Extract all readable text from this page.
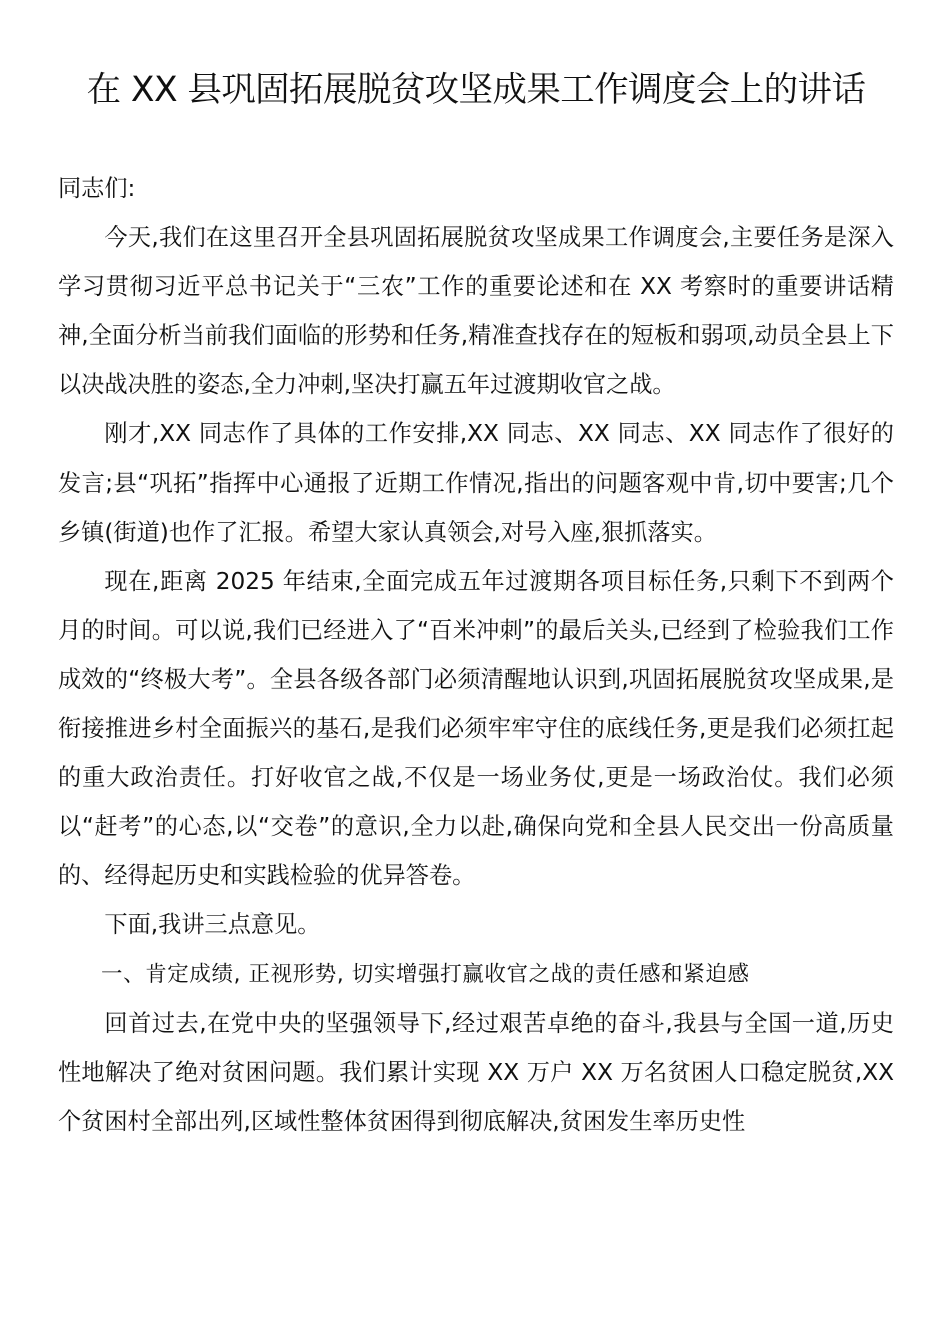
在 XX 县巩固拓展脱贫攻坚成果工作调度会上的讲话

同志们:

今天,我们在这里召开全县巩固拓展脱贫攻坚成果工作调度会,主要任务是深入学习贯彻习近平总书记关于“三农”工作的重要论述和在 XX 考察时的重要讲话精神,全面分析当前我们面临的形势和任务,精准查找存在的短板和弱项,动员全县上下以决战决胜的姿态,全力冲刺,坚决打赢五年过渡期收官之战。

刚才,XX 同志作了具体的工作安排,XX 同志、XX 同志、XX 同志作了很好的发言;县“巩拓”指挥中心通报了近期工作情况,指出的问题客观中肯,切中要害;几个乡镇(街道)也作了汇报。希望大家认真领会,对号入座,狠抓落实。

现在,距离 2025 年结束,全面完成五年过渡期各项目标任务,只剩下不到两个月的时间。可以说,我们已经进入了“百米冲刺”的最后关头,已经到了检验我们工作成效的“终极大考”。全县各级各部门必须清醒地认识到,巩固拓展脱贫攻坚成果,是衔接推进乡村全面振兴的基石,是我们必须牢牢守住的底线任务,更是我们必须扛起的重大政治责任。打好收官之战,不仅是一场业务仗,更是一场政治仗。我们必须以“赶考”的心态,以“交卷”的意识,全力以赴,确保向党和全县人民交出一份高质量的、经得起历史和实践检验的优异答卷。

下面,我讲三点意见。

一、肯定成绩, 正视形势, 切实增强打赢收官之战的责任感和紧迫感

回首过去,在党中央的坚强领导下,经过艰苦卓绝的奋斗,我县与全国一道,历史性地解决了绝对贫困问题。我们累计实现 XX 万户 XX 万名贫困人口稳定脱贫,XX 个贫困村全部出列,区域性整体贫困得到彻底解决,贫困发生率历史性
